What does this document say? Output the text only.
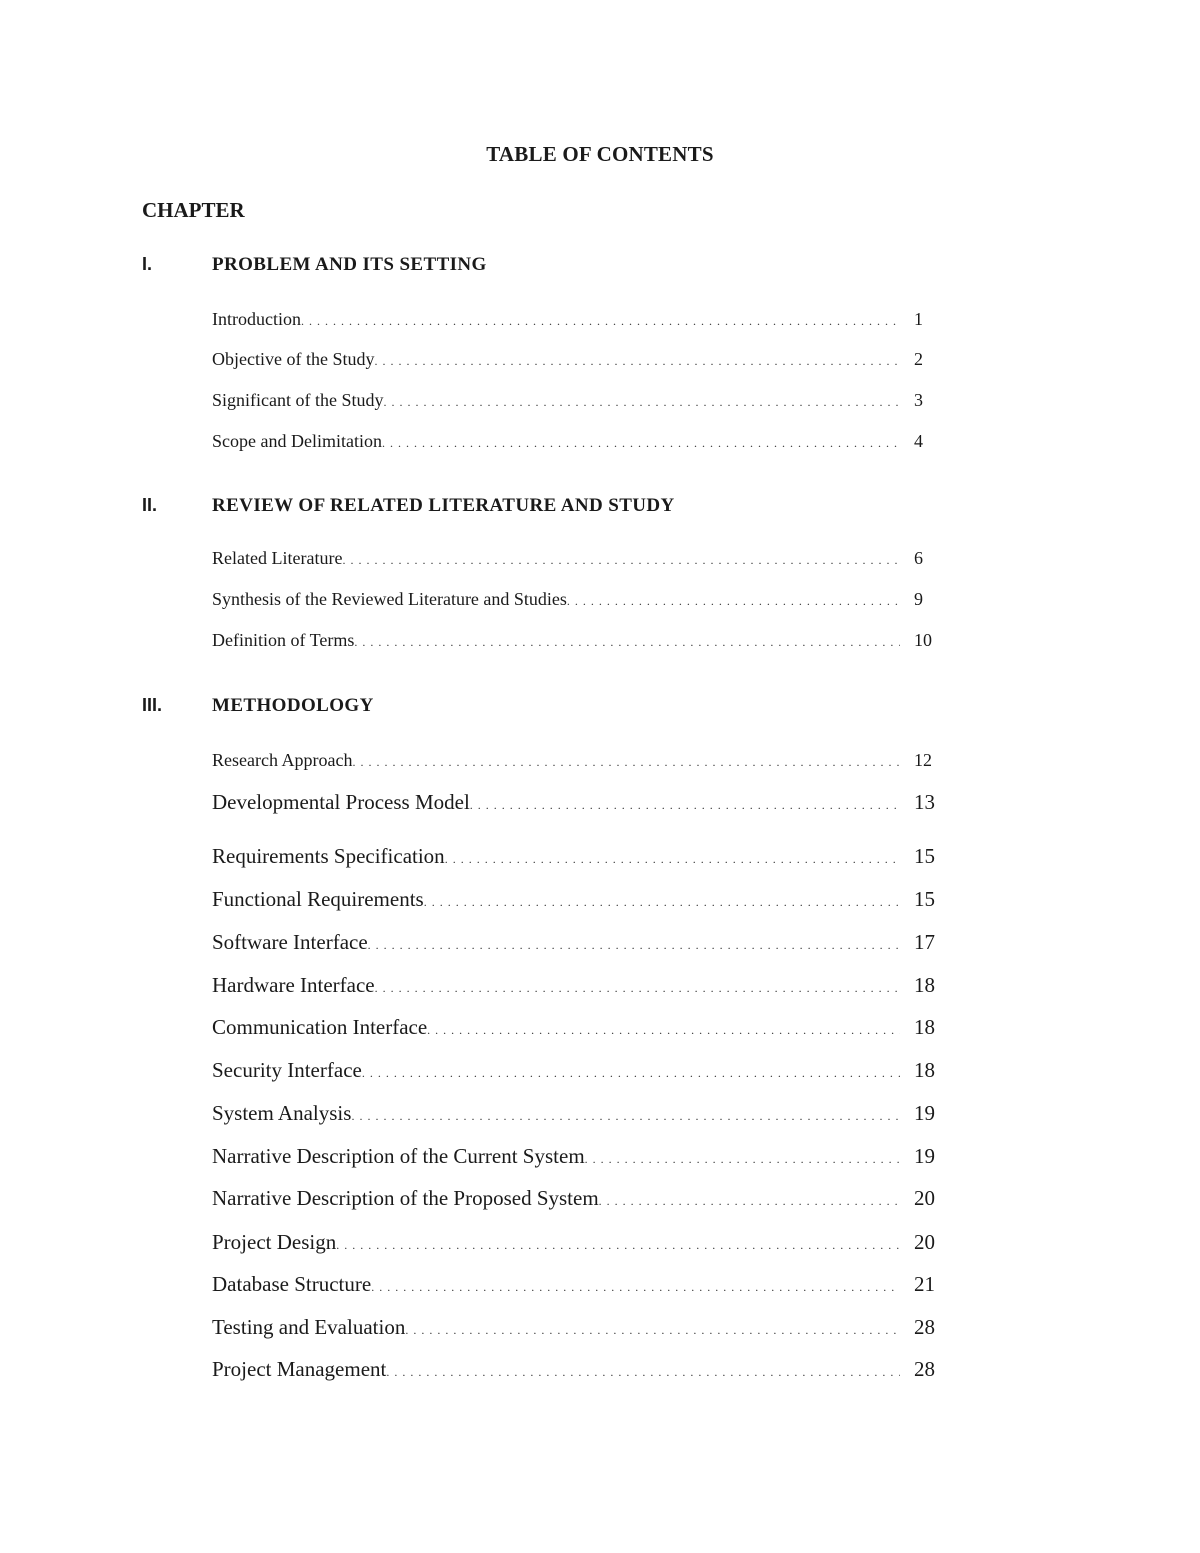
TABLE OF CONTENTS
CHAPTER
I.	PROBLEM AND ITS SETTING
Introduction . . .	1
Objective of the Study . . .	2
Significant of the Study . . .	3
Scope and Delimitation . . .	4
II.	REVIEW OF RELATED LITERATURE AND STUDY
Related Literature . . .	6
Synthesis of the Reviewed Literature and Studies . . .	9
Definition of Terms . . .	10
III.	METHODOLOGY
Research Approach . . .	12
Developmental Process Model . . .	13
Requirements Specification . . .	15
Functional Requirements . . .	15
Software Interface . . .	17
Hardware Interface . . .	18
Communication Interface . . .	18
Security Interface . . .	18
System Analysis . . .	19
Narrative Description of the Current System . . .	19
Narrative Description of the Proposed System . . .	20
Project Design . . .	20
Database Structure . . .	21
Testing and Evaluation . . .	28
Project Management . . .	28
